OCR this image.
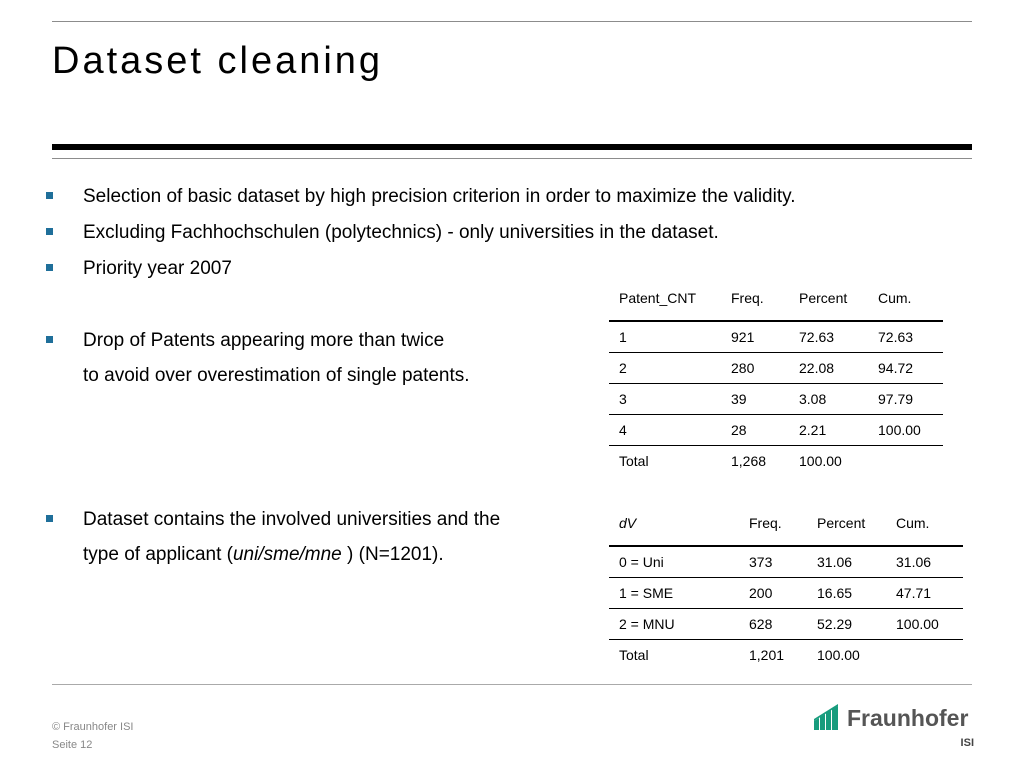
Dataset cleaning
Selection of basic dataset by high precision criterion in order to maximize the validity.
Excluding Fachhochschulen (polytechnics) - only universities in the dataset.
Priority year 2007
Drop of Patents appearing more than twice
to avoid over overestimation of single patents.
Dataset contains the involved universities and the
type of applicant (uni/sme/mne ) (N=1201).
Patent_CNT	Freq.	Percent	Cum.
1	921	72.63	72.63
2	280	22.08	94.72
3	39	3.08	97.79
4	28	2.21	100.00
Total	1,268	100.00	
dV	Freq.	Percent	Cum.
0 = Uni	373	31.06	31.06
1 = SME	200	16.65	47.71
2 = MNU	628	52.29	100.00
Total	1,201	100.00	
© Fraunhofer ISI
Seite 12
Fraunhofer
ISI
